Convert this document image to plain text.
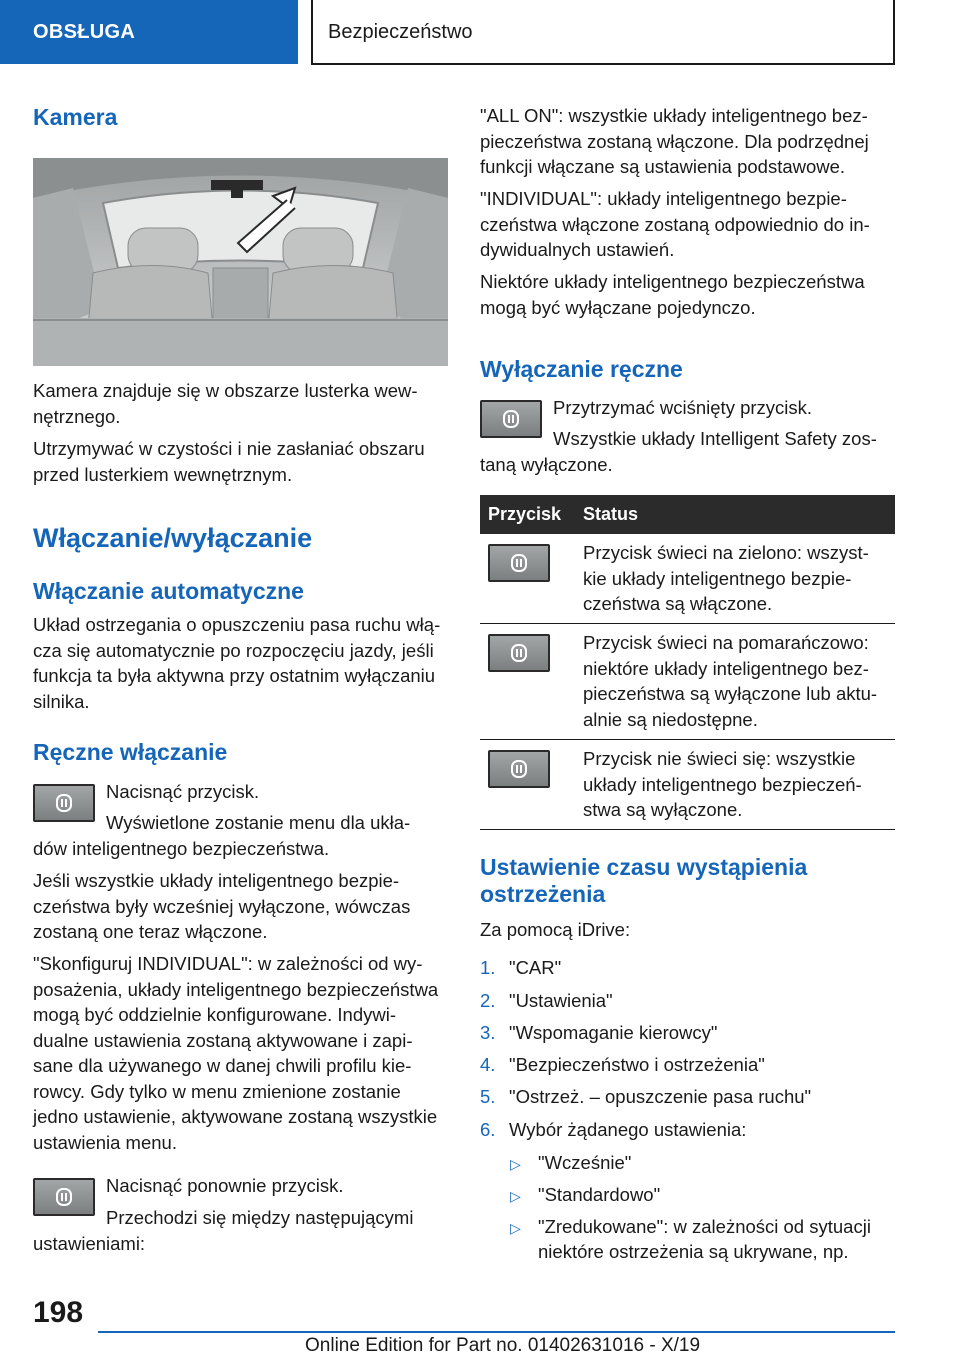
OBSŁUGA	Bezpieczeństwo
Kamera

Kamera znajduje się w obszarze lusterka wew-
nętrznego.

Utrzymywać w czystości i nie zasłaniać obszaru
przed lusterkiem wewnętrznym.

Włączanie/wyłączanie
Włączanie automatyczne

Układ ostrzegania o opuszczeniu pasa ruchu włą-
cza się automatycznie po rozpoczęciu jazdy, jeśli
funkcja ta była aktywna przy ostatnim wyłączaniu
silnika.

Ręczne włączanie

Nacisnąć przycisk.

Wyświetlone zostanie menu dla ukła-
dów inteligentnego bezpieczeństwa.

Jeśli wszystkie układy inteligentnego bezpie-
czeństwa były wcześniej wyłączone, wówczas
zostaną one teraz włączone.

"Skonfiguruj INDIVIDUAL": w zależności od wy-
posażenia, układy inteligentnego bezpieczeństwa
mogą być oddzielnie konfigurowane. Indywi-
dualne ustawienia zostaną aktywowane i zapi-
sane dla używanego w danej chwili profilu kie-
rowcy. Gdy tylko w menu zmienione zostanie
jedno ustawienie, aktywowane zostaną wszystkie
ustawienia menu.

Nacisnąć ponownie przycisk.

Przechodzi się między następującymi
ustawieniami:

"ALL ON": wszystkie układy inteligentnego bez-
pieczeństwa zostaną włączone. Dla podrzędnej
funkcji włączane są ustawienia podstawowe.

"INDIVIDUAL": układy inteligentnego bezpie-
czeństwa włączone zostaną odpowiednio do in-
dywidualnych ustawień.

Niektóre układy inteligentnego bezpieczeństwa
mogą być wyłączane pojedynczo.

Wyłączanie ręczne

Przytrzymać wciśnięty przycisk.

Wszystkie układy Intelligent Safety zos-
taną wyłączone.

Przycisk Status
Przycisk świeci na zielono: wszyst-
kie układy inteligentnego bezpie-
czeństwa są włączone.
Przycisk świeci na pomarańczowo:
niektóre układy inteligentnego bez-
pieczeństwa są wyłączone lub aktu-
alnie są niedostępne.
Przycisk nie świeci się: wszystkie
układy inteligentnego bezpieczeń-
stwa są wyłączone.
Ustawienie czasu wystąpienia
ostrzeżenia

Za pomocą iDrive:

1. "CAR"
2. "Ustawienia"
3. "Wspomaganie kierowcy"
4. "Bezpieczeństwo i ostrzeżenia"
5. "Ostrzeż. – opuszczenie pasa ruchu"
6. Wybór żądanego ustawienia:
▷ "Wcześnie"
▷ "Standardowo"
▷ "Zredukowane": w zależności od sytuacji
niektóre ostrzeżenia są ukrywane, np.
198
Online Edition for Part no. 01402631016 - X/19
